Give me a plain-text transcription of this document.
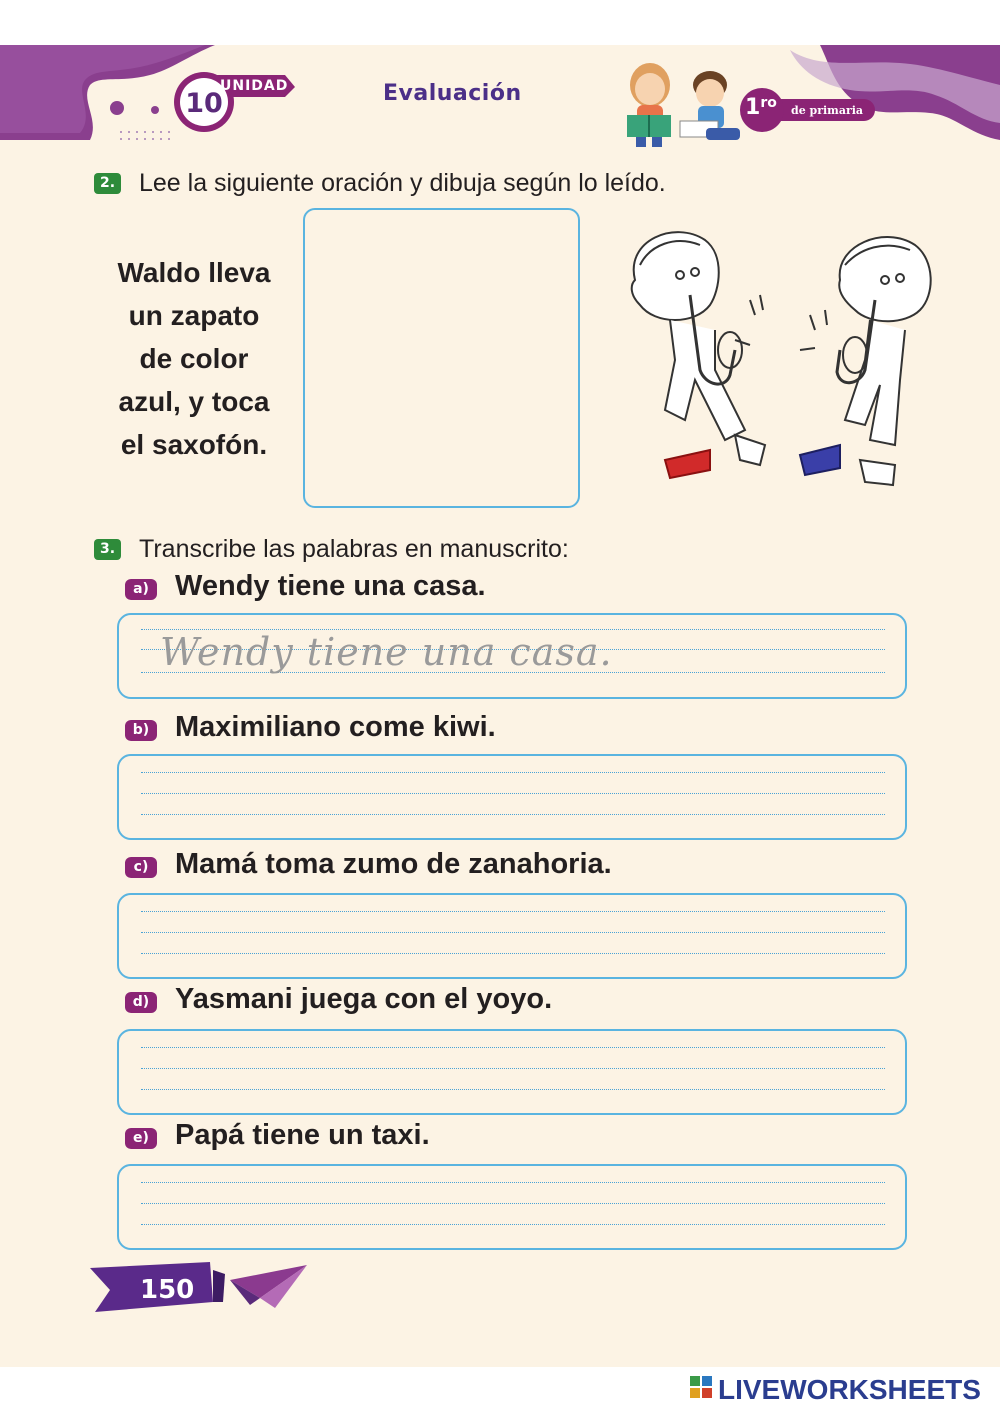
UNIDAD
10	Evaluación
$1^{ro}$ de primaria
2. Lee la siguiente oración y dibuja según lo leído.
Waldo lleva
un zapato
de color
azul, y toca
el saxofón.
3. Transcribe las palabras en manuscrito:
a) Wendy tiene una casa.
Wendy tiene una casa.
b) Maximiliano come kiwi.
c) Mamá toma zumo de zanahoria.
d) Yasmani juega con el yoyo.
e) Papá tiene un taxi.
150
LIVEWORKSHEETS
